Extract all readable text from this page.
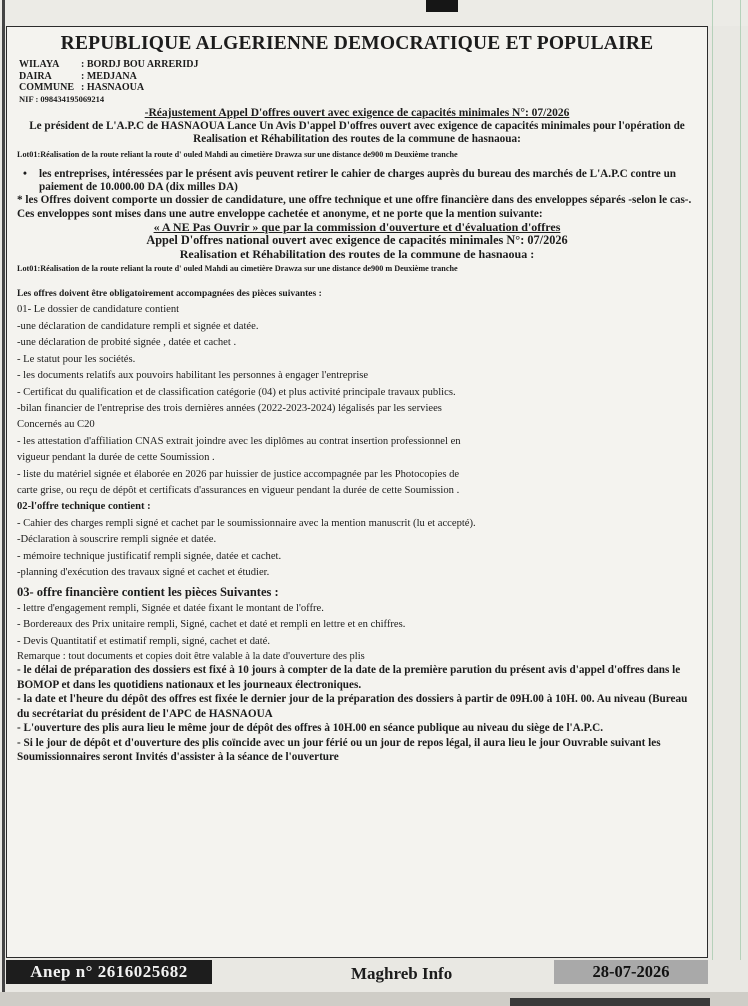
REPUBLIQUE ALGERIENNE DEMOCRATIQUE ET POPULAIRE
WILAYA : BORDJ BOU ARRERIDJ
DAIRA	: MEDJANA
COMMUNE : HASNAOUA
NIF : 098434195069214
-Réajustement Appel D'offres ouvert avec exigence de capacités minimales N°: 07/2026
Le président de L'A.P.C de HASNAOUA Lance Un Avis D'appel D'offres ouvert avec exigence de capacités minimales pour l'opération de Realisation et Réhabilitation des routes de la commune de hasnaoua:
Lot01:Réalisation de la route reliant la route d' ouled Mahdi au cimetière Drawza sur une distance de900 m Deuxième tranche
• les entreprises, intéressées par le présent avis peuvent retirer le cahier de charges auprès du bureau des marchés de L'A.P.C contre un paiement de 10.000.00 DA (dix milles DA)
* les Offres doivent comporte un dossier de candidature, une offre technique et une offre financière dans des enveloppes séparés -selon le cas-. Ces enveloppes sont mises dans une autre enveloppe cachetée et anonyme, et ne porte que la mention suivante:
« A NE Pas Ouvrir » que par la commission d'ouverture et d'évaluation d'offres
Appel D'offres national ouvert avec exigence de capacités minimales N°: 07/2026
Realisation et Réhabilitation des routes de la commune de hasnaoua :
Lot01:Réalisation de la route reliant la route d' ouled Mahdi au cimetière Drawza sur une distance de900 m Deuxième tranche
Les offres doivent être obligatoirement accompagnées des pièces suivantes :
01- Le dossier de candidature contient
-une déclaration de candidature rempli et signée et datée.
-une déclaration de probité signée , datée et cachet .
- Le statut pour les sociétés.
- les documents relatifs aux pouvoirs habilitant les personnes à engager l'entreprise
- Certificat du qualification et de classification catégorie (04) et plus activité principale travaux publics.
-bilan financier de l'entreprise des trois dernières années (2022-2023-2024) légalisés par les serviees
Concernés au C20
- les attestation d'affiliation CNAS extrait joindre avec les diplômes au contrat insertion professionnel en
vigueur pendant la durée de cette Soumission .
- liste du matériel signée et élaborée en 2026 par huissier de justice accompagnée par les Photocopies de
carte grise, ou reçu de dépôt et certificats d'assurances en vigueur pendant la durée de cette Soumission .
02-l'offre technique contient :
- Cahier des charges rempli signé et cachet par le soumissionnaire avec la mention manuscrit (lu et accepté).
-Déclaration à souscrire rempli signée et datée.
- mémoire technique justificatif rempli signée, datée et cachet.
-planning d'exécution des travaux signé et cachet et étudier.
03- offre financière contient les pièces Suivantes :
- lettre d'engagement rempli, Signée et datée fixant le montant de l'offre.
- Bordereaux des Prix unitaire rempli, Signé, cachet et daté et rempli en lettre et en chiffres.
- Devis Quantitatif et estimatif rempli, signé, cachet et daté.
Remarque : tout documents et copies doit être valable à la date d'ouverture des plis
- le délai de préparation des dossiers est fixé à 10 jours à compter de la date de la première parution du présent avis d'appel d'offres dans le BOMOP et dans les quotidiens nationaux et les journeaux électroniques.
- la date et l'heure du dépôt des offres est fixée le dernier jour de la préparation des dossiers à partir de 09H.00 à 10H. 00. Au niveau (Bureau du secrétariat du président de l'APC de HASNAOUA
- L'ouverture des plis aura lieu le même jour de dépôt des offres à 10H.00 en séance publique au niveau du siège de l'A.P.C.
- Si le jour de dépôt et d'ouverture des plis coïncide avec un jour férié ou un jour de repos légal, il aura lieu le jour Ouvrable suivant les Soumissionnaires seront Invités d'assister à la séance de l'ouverture
Anep n° 2616025682	Maghreb Info	28-07-2026
